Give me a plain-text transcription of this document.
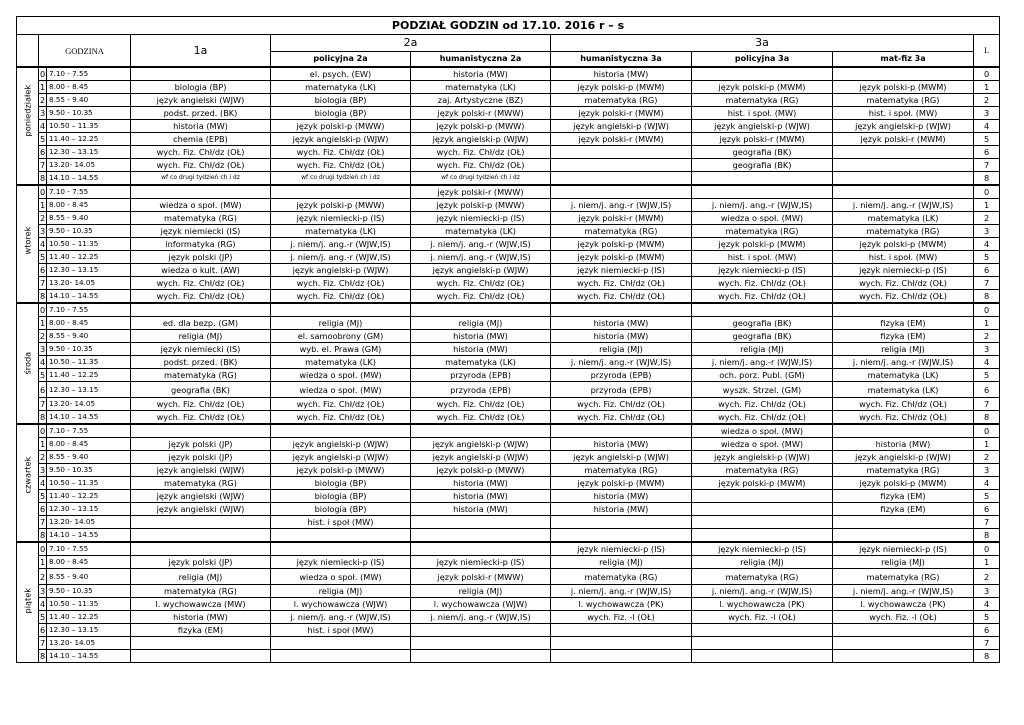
PODZIAŁ GODZIN od 17.10. 2016 r – s									
	GODZINA		1a	2a		3a			L
				policyjna 2a	humanistyczna 2a	humanistyczna 3a	policyjna 3a	mat-fiz 3a	

poniedziałek	0	7.10 - 7.55		el. psych. (EW)	historia (MW)	historia (MW)			0
	1	8.00 - 8.45	biologia (BP)	matematyka (LK)	matematyka (LK)	język polski-p (MWM)	język polski-p (MWM)	język polski-p (MWM)	1
	2	8.55 - 9.40	język angielski (WJW)	biologia (BP)	zaj. Artystyczne (BZ)	matematyka (RG)	matematyka (RG)	matematyka (RG)	2
	3	9.50 - 10.35	podst. przed. (BK)	biologia (BP)	język polski-r (MWW)	język polski-r (MWM)	hist. i społ. (MW)	hist. i społ. (MW)	3
	4	10.50 – 11.35	historia (MW)	język polski-p (MWW)	język polski-p (MWW)	język angielski-p (WJW)	język angielski-p (WJW)	język angielski-p (WJW)	4
	5	11.40 – 12.25	chemia (EPB)	język angielski-p (WJW)	język angielski-p (WJW)	język polski-r (MWM)	język polski-r (MWM)	język polski-r (MWM)	5
	6	12.30 – 13.15	wych. Fiz. Chł/dz (OŁ)	wych. Fiz. Chł/dz (OŁ)	wych. Fiz. Chł/dz (OŁ)		geografia (BK)		6
	7	13.20- 14.05	wych. Fiz. Chł/dz (OŁ)	wych. Fiz. Chł/dz (OŁ)	wych. Fiz. Chł/dz (OŁ)		geografia (BK)		7
	8	14.10 – 14.55	wf co drugi tydzień ch i dz	wf co drugi tydzień ch i dz	wf co drugi tydzień ch i dz				8

wtorek	0	7.10 - 7.55			język polski-r (MWW)				0
	1	8.00 - 8.45	wiedza o społ. (MW)	język polski-p (MWW)	język polski-p (MWW)	j. niem/j. ang.-r (WJW,IS)	j. niem/j. ang.-r (WJW,IS)	j. niem/j. ang.-r (WJW,IS)	1
	2	8.55 - 9.40	matematyka (RG)	język niemiecki-p (IS)	język niemiecki-p (IS)	język polski-r (MWM)	wiedza o społ. (MW)	matematyka (LK)	2
	3	9.50 - 10.35	język niemiecki (IS)	matematyka (LK)	matematyka (LK)	matematyka (RG)	matematyka (RG)	matematyka (RG)	3
	4	10.50 – 11.35	informatyka (RG)	j. niem/j. ang.-r (WJW,IS)	j. niem/j. ang.-r (WJW,IS)	język polski-p (MWM)	język polski-p (MWM)	język polski-p (MWM)	4
	5	11.40 – 12.25	język polski (JP)	j. niem/j. ang.-r (WJW,IS)	j. niem/j. ang.-r (WJW,IS)	język polski-p (MWM)	hist. i społ. (MW)	hist. i społ. (MW)	5
	6	12.30 – 13.15	wiedza o kult. (AW)	język angielski-p (WJW)	język angielski-p (WJW)	język niemiecki-p (IS)	język niemiecki-p (IS)	język niemiecki-p (IS)	6
	7	13.20- 14.05	wych. Fiz. Chł/dz (OŁ)	wych. Fiz. Chł/dz (OŁ)	wych. Fiz. Chł/dz (OŁ)	wych. Fiz. Chł/dz (OŁ)	wych. Fiz. Chł/dz (OŁ)	wych. Fiz. Chł/dz (OŁ)	7
	8	14.10 – 14.55	wych. Fiz. Chł/dz (OŁ)	wych. Fiz. Chł/dz (OŁ)	wych. Fiz. Chł/dz (OŁ)	wych. Fiz. Chł/dz (OŁ)	wych. Fiz. Chł/dz (OŁ)	wych. Fiz. Chł/dz (OŁ)	8

środa	0	7.10 - 7.55							0
	1	8.00 - 8.45	ed. dla bezp. (GM)	religia (MJ)	religia (MJ)	historia (MW)	geografia (BK)	fizyka (EM)	1
	2	8.55 - 9.40	religia (MJ)	el. samoobrony (GM)	historia (MW)	historia (MW)	geografia (BK)	fizyka (EM)	2
	3	9.50 - 10.35	język niemiecki (IS)	wyb. el. Prawa (GM)	historia (MW)	religia (MJ)	religia (MJ)	religia (MJ)	3
	4	10.50 – 11.35	podst. przed. (BK)	matematyka (LK)	matematyka (LK)	j. niem/j. ang.-r (WJW,IS)	j. niem/j. ang.-r (WJW,IS)	j. niem/j. ang.-r (WJW,IS)	4
	5	11.40 – 12.25	matematyka (RG)	wiedza o społ. (MW)	przyroda (EPB)	przyroda (EPB)	och. porz. Publ. (GM)	matematyka (LK)	5
	6	12.30 – 13.15	geografia (BK)	wiedza o społ. (MW)	przyroda (EPB)	przyroda (EPB)	wyszk. Strzel. (GM)	matematyka (LK)	6
	7	13.20- 14.05	wych. Fiz. Chł/dz (OŁ)	wych. Fiz. Chł/dz (OŁ)	wych. Fiz. Chł/dz (OŁ)	wych. Fiz. Chł/dz (OŁ)	wych. Fiz. Chł/dz (OŁ)	wych. Fiz. Chł/dz (OŁ)	7
	8	14.10 – 14.55	wych. Fiz. Chł/dz (OŁ)	wych. Fiz. Chł/dz (OŁ)	wych. Fiz. Chł/dz (OŁ)	wych. Fiz. Chł/dz (OŁ)	wych. Fiz. Chł/dz (OŁ)	wych. Fiz. Chł/dz (OŁ)	8

czwartek	0	7.10 - 7.55					wiedza o społ. (MW)		0
	1	8.00 - 8.45	język polski (JP)	język angielski-p (WJW)	język angielski-p (WJW)	historia (MW)	wiedza o społ. (MW)	historia (MW)	1
	2	8.55 - 9.40	język polski (JP)	język angielski-p (WJW)	język angielski-p (WJW)	język angielski-p (WJW)	język angielski-p (WJW)	język angielski-p (WJW)	2
	3	9.50 - 10.35	język angielski (WJW)	język polski-p (MWW)	język polski-p (MWW)	matematyka (RG)	matematyka (RG)	matematyka (RG)	3
	4	10.50 – 11.35	matematyka (RG)	biologia (BP)	historia (MW)	język polski-p (MWM)	język polski-p (MWM)	język polski-p (MWM)	4
	5	11.40 – 12.25	język angielski (WJW)	biologia (BP)	historia (MW)	historia (MW)		fizyka (EM)	5
	6	12.30 – 13.15	język angielski (WJW)	biologia (BP)	historia (MW)	historia (MW)		fizyka (EM)	6
	7	13.20- 14.05		hist. i społ (MW)					7
	8	14.10 – 14.55							8

piątek	0	7.10 - 7.55				język niemiecki-p (IS)	język niemiecki-p (IS)	język niemiecki-p (IS)	0
	1	8.00 - 8.45	język polski (JP)	język niemiecki-p (IS)	język niemiecki-p (IS)	religia (MJ)	religia (MJ)	religia (MJ)	1
	2	8.55 - 9.40	religia (MJ)	wiedza o społ. (MW)	język polski-r (MWW)	matematyka (RG)	matematyka (RG)	matematyka (RG)	2
	3	9.50 - 10.35	matematyka (RG)	religia (MJ)	religia (MJ)	j. niem/j. ang.-r (WJW,IS)	j. niem/j. ang.-r (WJW,IS)	j. niem/j. ang.-r (WJW,IS)	3
	4	10.50 – 11.35	l. wychowawcza (MW)	l. wychowawcza (WJW)	l. wychowawcza (WJW)	l. wychowawcza (PK)	l. wychowawcza (PK)	l. wychowawcza (PK)	4
	5	11.40 – 12.25	historia (MW)	j. niem/j. ang.-r (WJW,IS)	j. niem/j. ang.-r (WJW,IS)	wych. Fiz. -l (OŁ)	wych. Fiz. -l (OŁ)	wych. Fiz. -l (OŁ)	5
	6	12.30 – 13.15	fizyka (EM)	hist. i społ (MW)					6
	7	13.20- 14.05							7
	8	14.10 – 14.55							8
